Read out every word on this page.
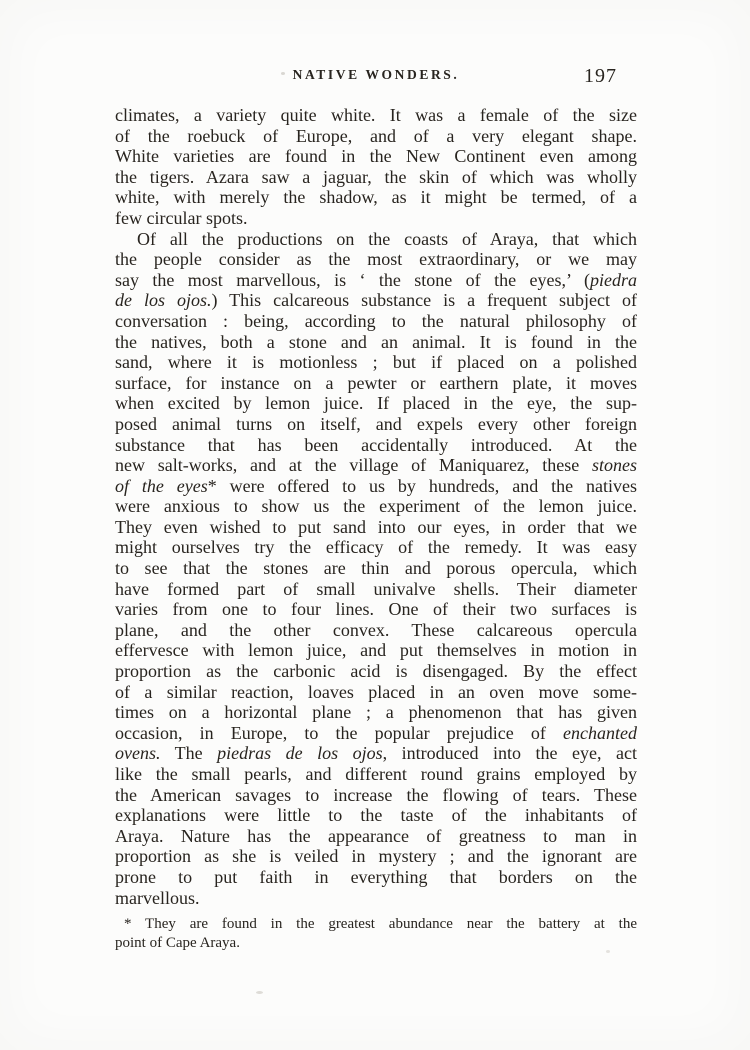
NATIVE WONDERS.	197
climates, a variety quite white. It was a female of the size
of the roebuck of Europe, and of a very elegant shape.
White varieties are found in the New Continent even among
the tigers. Azara saw a jaguar, the skin of which was wholly
white, with merely the shadow, as it might be termed, of a
few circular spots.
Of all the productions on the coasts of Araya, that which
the people consider as the most extraordinary, or we may
say the most marvellous, is ‘ the stone of the eyes,’ (piedra
de los ojos.) This calcareous substance is a frequent subject of
conversation : being, according to the natural philosophy of
the natives, both a stone and an animal. It is found in the
sand, where it is motionless ; but if placed on a polished
surface, for instance on a pewter or earthern plate, it moves
when excited by lemon juice. If placed in the eye, the sup-
posed animal turns on itself, and expels every other foreign
substance that has been accidentally introduced. At the
new salt-works, and at the village of Maniquarez, these stones
of the eyes* were offered to us by hundreds, and the natives
were anxious to show us the experiment of the lemon juice.
They even wished to put sand into our eyes, in order that we
might ourselves try the efficacy of the remedy. It was easy
to see that the stones are thin and porous opercula, which
have formed part of small univalve shells. Their diameter
varies from one to four lines. One of their two surfaces is
plane, and the other convex. These calcareous opercula
effervesce with lemon juice, and put themselves in motion in
proportion as the carbonic acid is disengaged. By the effect
of a similar reaction, loaves placed in an oven move some-
times on a horizontal plane ; a phenomenon that has given
occasion, in Europe, to the popular prejudice of enchanted
ovens. The piedras de los ojos, introduced into the eye, act
like the small pearls, and different round grains employed by
the American savages to increase the flowing of tears. These
explanations were little to the taste of the inhabitants of
Araya. Nature has the appearance of greatness to man in
proportion as she is veiled in mystery ; and the ignorant are
prone to put faith in everything that borders on the
marvellous.
* They are found in the greatest abundance near the battery at the
point of Cape Araya.
